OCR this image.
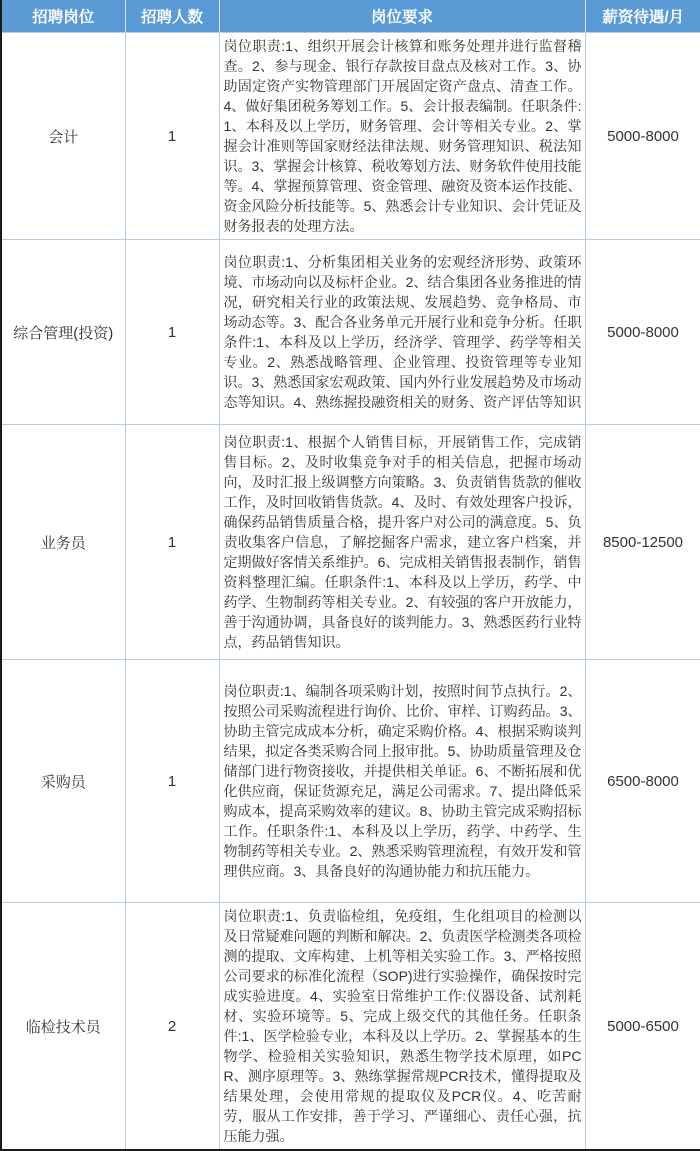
招聘岗位	招聘人数	岗位要求	薪资待遇/月
会计	1	岗位职责:1、组织开展会计核算和账务处理并进行监督稽查。2、参与现金、银行存款按目盘点及核对工作。3、协助固定资产实物管理部门开展固定资产盘点、清查工作。4、做好集团税务筹划工作。5、会计报表编制。任职条件:1、本科及以上学历，财务管理、会计等相关专业。2、掌握会计准则等国家财经法律法规、财务管理知识、税法知识。3、掌握会计核算、税收筹划方法、财务软件使用技能等。4、掌握预算管理、资金管理、融资及资本运作技能、资金风险分析技能等。5、熟悉会计专业知识、会计凭证及财务报表的处理方法。	5000-8000
综合管理(投资)	1	岗位职责:1、分析集团相关业务的宏观经济形势、政策环境、市场动向以及标杆企业。2、结合集团各业务推进的情况，研究相关行业的政策法规、发展趋势、竞争格局、市场动态等。3、配合各业务单元开展行业和竞争分析。任职条件:1、本科及以上学历，经济学、管理学、药学等相关专业。2、熟悉战略管理、企业管理、投资管理等专业知识。3、熟悉国家宏观政策、国内外行业发展趋势及市场动态等知识。4、熟练握投融资相关的财务、资产评估等知识	5000-8000
业务员	1	岗位职责:1、根据个人销售目标，开展销售工作，完成销售目标。2、及时收集竞争对手的相关信息，把握市场动向，及时汇报上级调整方向策略。3、负责销售货款的催收工作，及时回收销售货款。4、及时、有效处理客户投诉，确保药品销售质量合格，提升客户对公司的满意度。5、负责收集客户信息，了解挖掘客户需求，建立客户档案，并定期做好客情关系维护。6、完成相关销售报表制作，销售资料整理汇编。任职条件:1、本科及以上学历，药学、中药学、生物制药等相关专业。2、有较强的客户开放能力，善于沟通协调，具备良好的谈判能力。3、熟悉医药行业特点，药品销售知识。	8500-12500
采购员	1	岗位职责:1、编制各项采购计划，按照时间节点执行。2、按照公司采购流程进行询价、比价、审样、订购药品。3、协助主管完成成本分析，确定采购价格。4、根据采购谈判结果，拟定各类采购合同上报审批。5、协助质量管理及仓储部门进行物资接收，并提供相关单证。6、不断拓展和优化供应商，保证货源充足，满足公司需求。7、提出降低采购成本，提高采购效率的建议。8、协助主管完成采购招标工作。任职条件:1、本科及以上学历，药学、中药学、生物制药等相关专业。2、熟悉采购管理流程，有效开发和管理供应商。3、具备良好的沟通协能力和抗压能力。	6500-8000
临检技术员	2	岗位职责:1、负责临检组，免疫组，生化组项目的检测以及日常疑难问题的判断和解决。2、负责医学检测类各项检测的提取、文库构建、上机等相关实验工作。3、严格按照公司要求的标准化流程（SOP)进行实验操作，确保按时完成实验进度。4、实验室日常维护工作:仪器设备、试剂耗材、实验环境等。5、完成上级交代的其他任务。任职条件:1、医学检验专业，本科及以上学历。2、掌握基本的生物学、检验相关实验知识，熟悉生物学技术原理，如PCR、测序原理等。3、熟练掌握常规PCR技术，懂得提取及结果处理，会使用常规的提取仪及PCR仪。4、吃苦耐劳，服从工作安排，善于学习、严谨细心、责任心强，抗压能力强。	5000-6500
